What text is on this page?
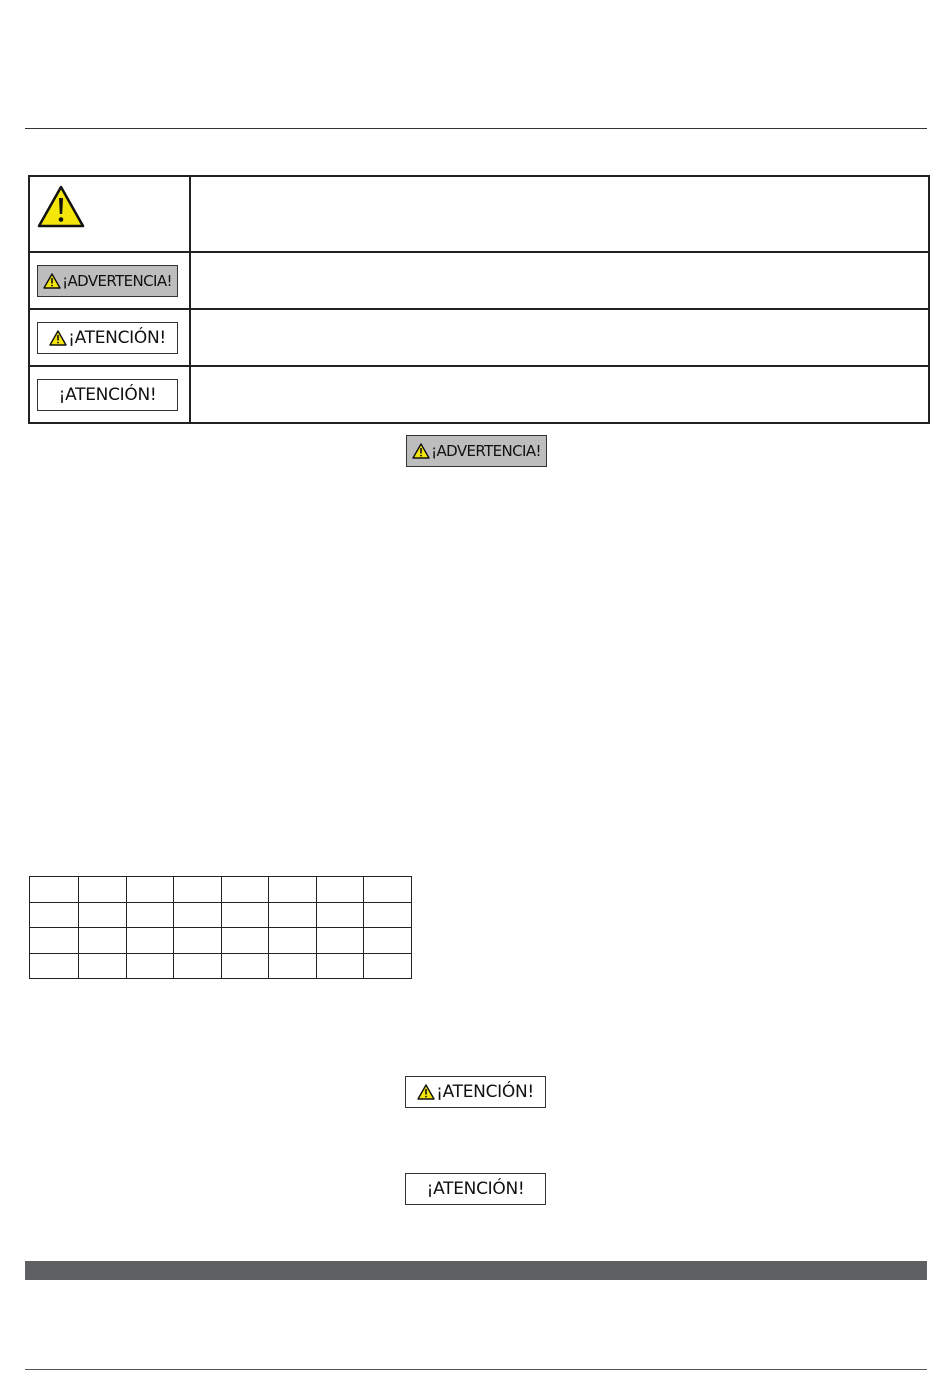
¡ADVERTENCIA!	

¡ATENCIÓN!	

¡ATENCIÓN!	

¡ADVERTENCIA!

¡ATENCIÓN!
¡ATENCIÓN!
